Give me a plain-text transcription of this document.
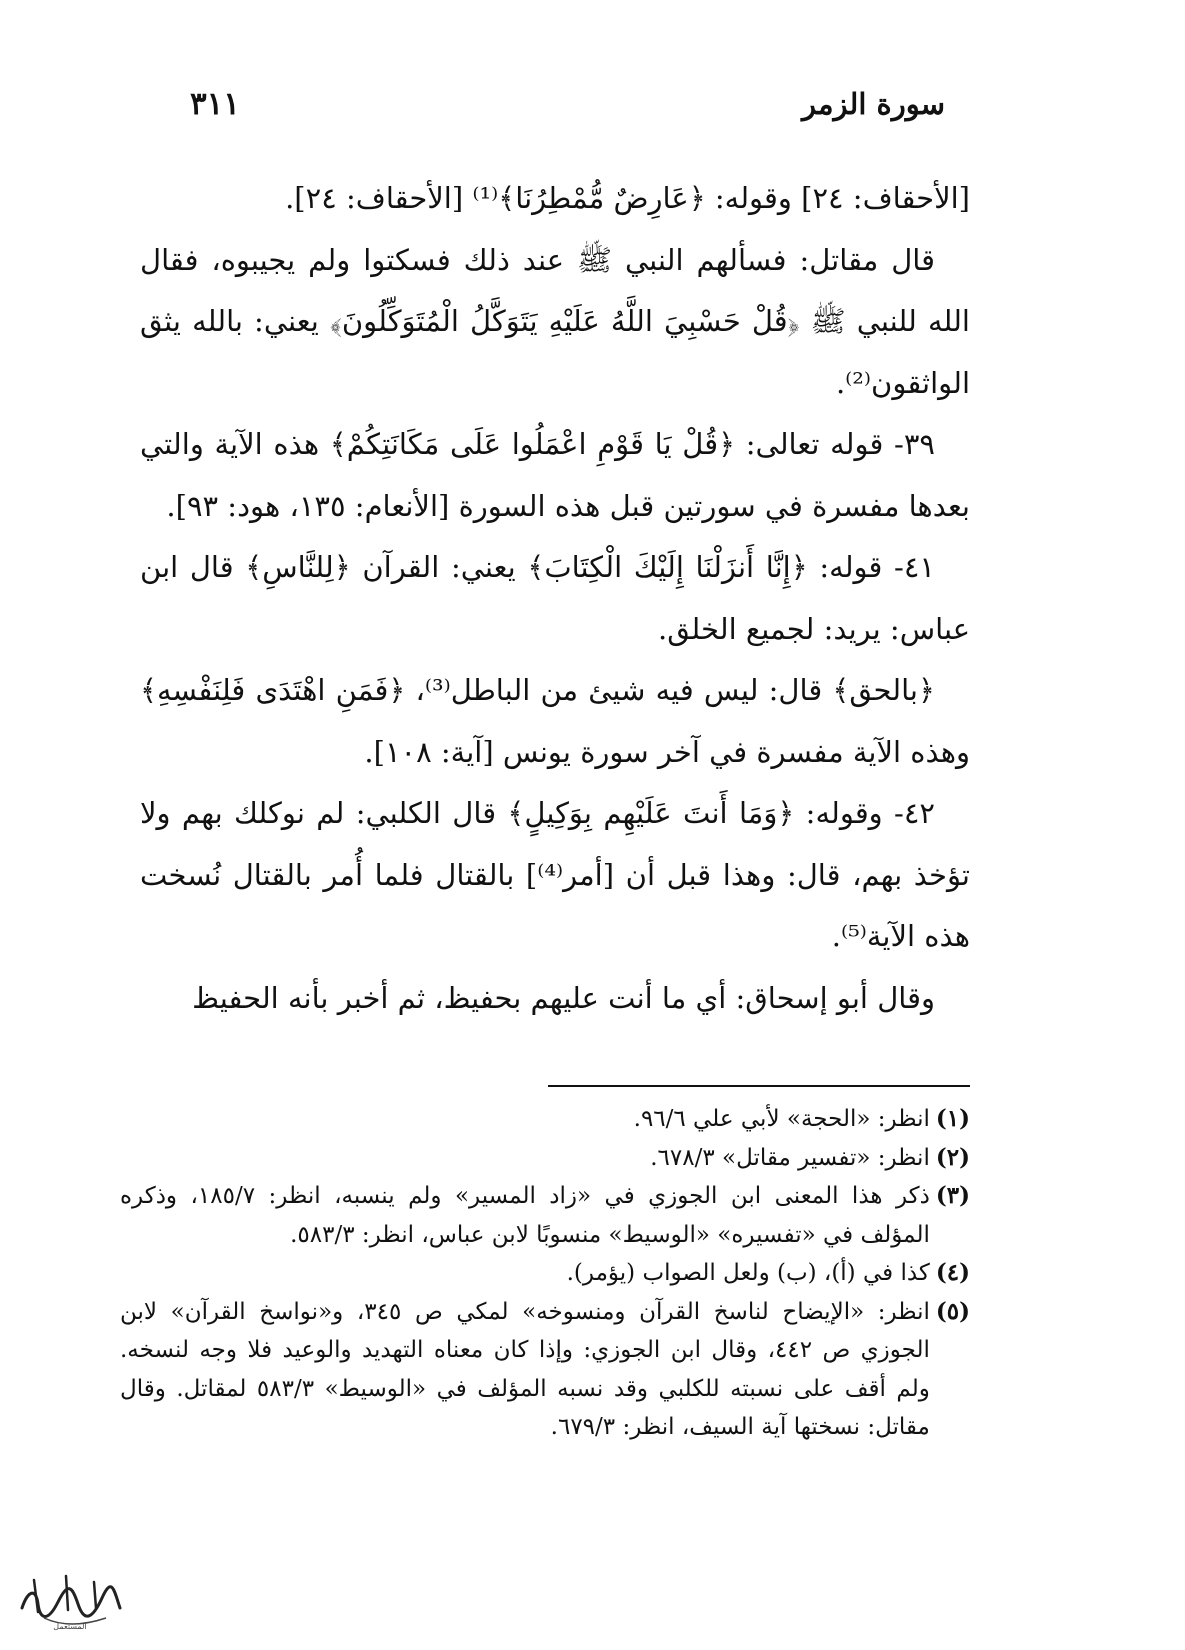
٣١١	سورة الزمر

[الأحقاف: ٢٤] وقوله: ﴿عَارِضٌ مُّمْطِرُنَا﴾⁽¹⁾ [الأحقاف: ٢٤].

قال مقاتل: فسألهم النبي ﷺ عند ذلك فسكتوا ولم يجيبوه، فقال الله للنبي ﷺ ﴿قُلْ حَسْبِيَ اللَّهُ عَلَيْهِ يَتَوَكَّلُ الْمُتَوَكِّلُونَ﴾ يعني: بالله يثق الواثقون⁽²⁾.

٣٩- قوله تعالى: ﴿قُلْ يَا قَوْمِ اعْمَلُوا عَلَى مَكَانَتِكُمْ﴾ هذه الآية والتي بعدها مفسرة في سورتين قبل هذه السورة [الأنعام: ١٣٥، هود: ٩٣].

٤١- قوله: ﴿إِنَّا أَنزَلْنَا إِلَيْكَ الْكِتَابَ﴾ يعني: القرآن ﴿لِلنَّاسِ﴾ قال ابن عباس: يريد: لجميع الخلق.

﴿بالحق﴾ قال: ليس فيه شيئ من الباطل⁽³⁾، ﴿فَمَنِ اهْتَدَى فَلِنَفْسِهِ﴾ وهذه الآية مفسرة في آخر سورة يونس [آية: ١٠٨].

٤٢- وقوله: ﴿وَمَا أَنتَ عَلَيْهِم بِوَكِيلٍ﴾ قال الكلبي: لم نوكلك بهم ولا تؤخذ بهم، قال: وهذا قبل أن [أمر⁽⁴⁾] بالقتال فلما أُمر بالقتال نُسخت هذه الآية⁽⁵⁾.

وقال أبو إسحاق: أي ما أنت عليهم بحفيظ، ثم أخبر بأنه الحفيظ

(١)
انظر: «الحجة» لأبي علي ٩٦/٦.
(٢)
انظر: «تفسير مقاتل» ٦٧٨/٣.
(٣)
ذكر هذا المعنى ابن الجوزي في «زاد المسير» ولم ينسبه، انظر: ١٨٥/٧، وذكره المؤلف في «تفسيره» «الوسيط» منسوبًا لابن عباس، انظر: ٥٨٣/٣.
(٤)
كذا في (أ)، (ب) ولعل الصواب (يؤمر).
(٥)
انظر: «الإيضاح لناسخ القرآن ومنسوخه» لمكي ص ٣٤٥، و«نواسخ القرآن» لابن الجوزي ص ٤٤٢، وقال ابن الجوزي: وإذا كان معناه التهديد والوعيد فلا وجه لنسخه. ولم أقف على نسبته للكلبي وقد نسبه المؤلف في «الوسيط» ٥٨٣/٣ لمقاتل. وقال مقاتل: نسختها آية السيف، انظر: ٦٧٩/٣.
المستعمل
